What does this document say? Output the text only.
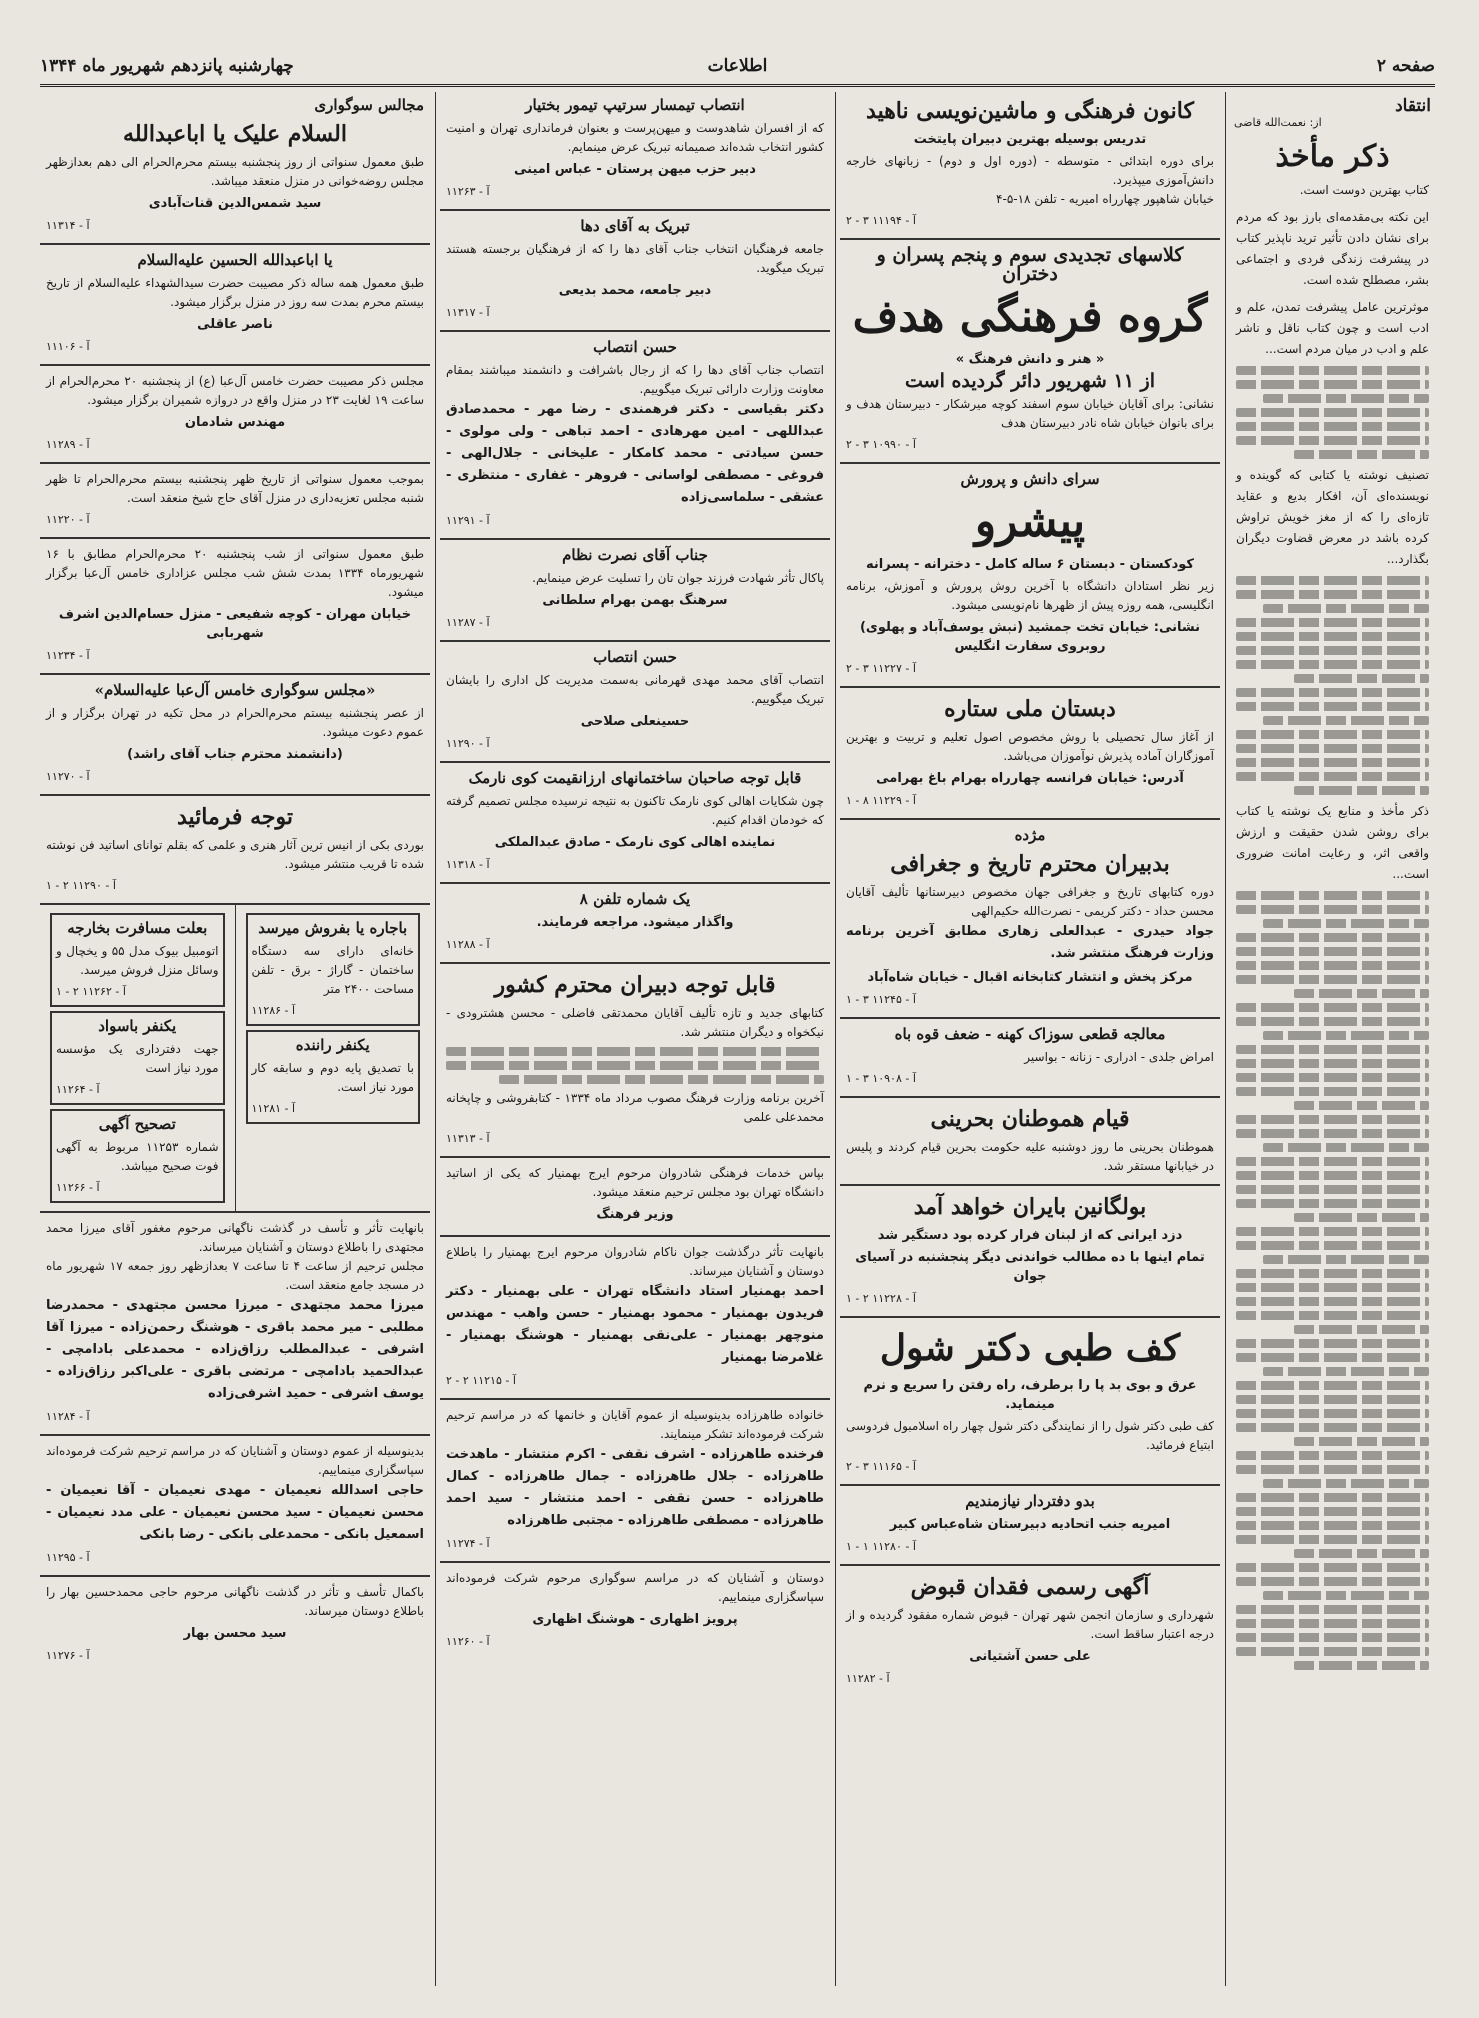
صفحه ۲
اطلاعات
چهارشنبه پانزدهم شهریور ماه ۱۳۴۴
انتقاد
از: نعمت‌الله قاضی
ذکر مأخذ

کتاب بهترین دوست است.

این نکته بی‌مقدمه‌ای بارز بود که مردم برای نشان دادن تأثیر ترید ناپذیر کتاب در پیشرفت زندگی فردی و اجتماعی بشر، مصطلح شده است.

موثرترین عامل پیشرفت تمدن، علم و ادب است و چون کتاب ناقل و ناشر علم و ادب در میان مردم است...

تصنیف نوشته یا کتابی که گوینده و نویسنده‌ای آن، افکار بدیع و عقاید تازه‌ای را که از مغز خویش تراوش کرده باشد در معرض قضاوت دیگران بگذارد...

ذکر مأخذ و منابع یک نوشته یا کتاب برای روشن شدن حقیقت و ارزش واقعی اثر، و رعایت امانت ضروری است...

کانون فرهنگی و ماشین‌نویسی ناهید
تدریس بوسیله بهترین دبیران پایتخت
برای دوره ابتدائی - متوسطه - (دوره اول و دوم) - زبانهای خارجه دانش‌آموزی میپذیرد.
خیابان شاهپور چهارراه امیریه - تلفن ۱۸-۵-۴
آ - ۱۱۱۹۴ ۳ - ۲
کلاسهای تجدیدی سوم و پنجم پسران و دختران
گروه فرهنگی هدف
« هنر و دانش فرهنگ »
از ۱۱ شهریور دائر گردیده است
نشانی: برای آقایان خیابان سوم اسفند کوچه میرشکار - دبیرستان هدف و برای بانوان خیابان شاه نادر دبیرستان هدف
آ - ۱۰۹۹۰ ۳ - ۲
سرای دانش و پرورش
پیشرو
کودکستان - دبستان ۶ ساله کامل - دخترانه - پسرانه
زیر نظر استادان دانشگاه با آخرین روش پرورش و آموزش، برنامه انگلیسی، همه روزه پیش از ظهرها نام‌نویسی میشود.
نشانی: خیابان تخت جمشید (نبش یوسف‌آباد و پهلوی) روبروی سفارت انگلیس
آ - ۱۱۲۲۷ ۳ - ۲
دبستان ملی ستاره
از آغاز سال تحصیلی با روش مخصوص اصول تعلیم و تربیت و بهترین آموزگاران آماده پذیرش نوآموزان می‌باشد.
آدرس: خیابان فرانسه چهارراه بهرام باغ بهرامی
آ - ۱۱۲۲۹ ۸ - ۱
مژده
بدبیران محترم تاریخ و جغرافی
دوره کتابهای تاریخ و جغرافی جهان مخصوص دبیرستانها تألیف آقایان محسن حداد - دکتر کریمی - نصرت‌الله حکیم‌الهی
جواد حیدری - عبدالعلی زهاری مطابق آخرین برنامه وزارت فرهنگ منتشر شد.
مرکز پخش و انتشار کتابخانه اقبال - خیابان شاه‌آباد
آ - ۱۱۲۴۵ ۳ - ۱
معالجه قطعی سوزاک کهنه - ضعف قوه باه
امراض جلدی - ادراری - زنانه - بواسیر
آ - ۱۰۹۰۸ ۳ - ۱
قیام هموطنان بحرینی
هموطنان بحرینی ما روز دوشنبه علیه حکومت بحرین قیام کردند و پلیس در خیابانها مستقر شد.
بولگانین بایران خواهد آمد
دزد ایرانی که از لبنان فرار کرده بود دستگیر شد
تمام اینها با ده مطالب خواندنی دیگر پنجشنبه در آسیای جوان
آ - ۱۱۲۲۸ ۲ - ۱
کف طبی دکتر شول
عرق و بوی بد پا را برطرف، راه رفتن را سریع و نرم مینماید.
کف طبی دکتر شول را از نمایندگی دکتر شول چهار راه اسلامبول فردوسی ابتیاع فرمائید.
آ - ۱۱۱۶۵ ۳ - ۲
بدو دفتردار نیازمندیم
امیریه جنب اتحادیه دبیرستان شاه‌عباس کبیر
آ - ۱۱۲۸۰ ۱ - ۱
آگهی رسمی فقدان قبوض
شهرداری و سازمان انجمن شهر تهران - قبوض شماره مفقود گردیده و از درجه اعتبار ساقط است.
علی حسن آشتیانی
آ - ۱۱۲۸۲
انتصاب تیمسار سرتیپ تیمور بختیار
که از افسران شاهدوست و میهن‌پرست و بعنوان فرمانداری تهران و امنیت کشور انتخاب شده‌اند صمیمانه تبریک عرض مینمایم.
دبیر حزب میهن پرستان - عباس امینی
آ - ۱۱۲۶۳
تبریک به آقای دها
جامعه فرهنگیان انتخاب جناب آقای دها را که از فرهنگیان برجسته هستند تبریک میگوید.
دبیر جامعه، محمد بدیعی
آ - ۱۱۳۱۷
حسن انتصاب
انتصاب جناب آقای دها را که از رجال باشرافت و دانشمند میباشند بمقام معاونت وزارت دارائی تبریک میگوییم.
دکتر بقیاسی - دکتر فرهمندی - رضا مهر - محمدصادق عبداللهی - امین مهرهادی - احمد تباهی - ولی مولوی - حسن سیادتی - محمد کامکار - علیخانی - جلال‌الهی - فروغی - مصطفی لواسانی - فروهر - غفاری - منتظری - عشقی - سلماسی‌زاده
آ - ۱۱۲۹۱
جناب آقای نصرت نظام
پاکال تأثر شهادت فرزند جوان تان را تسلیت عرض مینمایم.
سرهنگ بهمن بهرام سلطانی
آ - ۱۱۲۸۷
حسن انتصاب
انتصاب آقای محمد مهدی قهرمانی به‌سمت مدیریت کل اداری را بایشان تبریک میگوییم.
حسینعلی صلاحی
آ - ۱۱۲۹۰
قابل توجه صاحبان ساختمانهای ارزانقیمت کوی نارمک
چون شکایات اهالی کوی نارمک تاکنون به نتیجه نرسیده مجلس تصمیم گرفته که خودمان اقدام کنیم.
نماینده اهالی کوی نارمک - صادق عبدالملکی
آ - ۱۱۳۱۸
یک شماره تلفن ۸
واگذار میشود. مراجعه فرمایند.
آ - ۱۱۲۸۸
قابل توجه دبیران محترم کشور
کتابهای جدید و تازه تألیف آقایان محمدتقی فاضلی - محسن هشترودی - نیکخواه و دیگران منتشر شد.
آخرین برنامه وزارت فرهنگ مصوب مرداد ماه ۱۳۳۴ - کتابفروشی و چاپخانه محمدعلی علمی
آ - ۱۱۳۱۳
بپاس خدمات فرهنگی شادروان مرحوم ایرج بهمنیار که یکی از اساتید دانشگاه تهران بود مجلس ترحیم منعقد میشود.
وزیر فرهنگ
بانهایت تأثر درگذشت جوان ناکام شادروان مرحوم ایرج بهمنیار را باطلاع دوستان و آشنایان میرساند.
احمد بهمنیار استاد دانشگاه تهران - علی بهمنیار - دکتر فریدون بهمنیار - محمود بهمنیار - حسن واهب - مهندس منوچهر بهمنیار - علی‌نقی بهمنیار - هوشنگ بهمنیار - غلامرضا بهمنیار
آ - ۱۱۲۱۵ ۲ - ۲
خانواده طاهرزاده بدینوسیله از عموم آقایان و خانمها که در مراسم ترحیم شرکت فرموده‌اند تشکر مینمایند.
فرخنده طاهرزاده - اشرف نقفی - اکرم منتشار - ماهدخت طاهرزاده - جلال طاهرزاده - جمال طاهرزاده - کمال طاهرزاده - حسن نقفی - احمد منتشار - سید احمد طاهرزاده - مصطفی طاهرزاده - مجتبی طاهرزاده
آ - ۱۱۲۷۴
دوستان و آشنایان که در مراسم سوگواری مرحوم شرکت فرموده‌اند سپاسگزاری مینماییم.
پرویز اظهاری - هوشنگ اظهاری
آ - ۱۱۲۶۰
مجالس سوگواری
السلام علیک یا اباعبدالله
طبق معمول سنواتی از روز پنجشنبه بیستم محرم‌الحرام الی دهم بعدازظهر مجلس روضه‌خوانی در منزل منعقد میباشد.
سید شمس‌الدین قنات‌آبادی
آ - ۱۱۳۱۴
یا اباعبدالله الحسین علیه‌السلام
طبق معمول همه ساله ذکر مصیبت حضرت سیدالشهداء علیه‌السلام از تاریخ بیستم محرم بمدت سه روز در منزل برگزار میشود.
ناصر عاقلی
آ - ۱۱۱۰۶
مجلس ذکر مصیبت حضرت خامس آل‌عبا (ع) از پنجشنبه ۲۰ محرم‌الحرام از ساعت ۱۹ لغایت ۲۳ در منزل واقع در دروازه شمیران برگزار میشود.
مهندس شادمان
آ - ۱۱۲۸۹
بموجب معمول سنواتی از تاریخ ظهر پنجشنبه بیستم محرم‌الحرام تا ظهر شنبه مجلس تعزیه‌داری در منزل آقای حاج شیخ منعقد است.
آ - ۱۱۲۲۰
طبق معمول سنواتی از شب پنجشنبه ۲۰ محرم‌الحرام مطابق با ۱۶ شهریورماه ۱۳۳۴ بمدت شش شب مجلس عزاداری خامس آل‌عبا برگزار میشود.
خیابان مهران - کوچه شفیعی - منزل حسام‌الدین اشرف شهربابی
آ - ۱۱۲۳۴
«مجلس سوگواری خامس آل‌عبا علیه‌السلام»
از عصر پنجشنبه بیستم محرم‌الحرام در محل تکیه در تهران برگزار و از عموم دعوت میشود.
(دانشمند محترم جناب آقای راشد)
آ - ۱۱۲۷۰
توجه فرمائید
بوردی بکی از انیس ترین آثار هنری و علمی که بقلم توانای اساتید فن نوشته شده تا قریب منتشر میشود.
آ - ۱۱۲۹۰ ۲ - ۱
باجاره یا بفروش میرسد
خانه‌ای دارای سه دستگاه ساختمان - گاراژ - برق - تلفن مساحت ۲۴۰۰ متر
آ - ۱۱۲۸۶
یکنفر راننده
با تصدیق پایه دوم و سابقه کار مورد نیاز است.
آ - ۱۱۲۸۱
بعلت مسافرت بخارجه
اتومبیل بیوک مدل ۵۵ و یخچال و وسائل منزل فروش میرسد.
آ - ۱۱۲۶۲ ۲ - ۱
یکنفر باسواد
جهت دفترداری یک مؤسسه مورد نیاز است
آ - ۱۱۲۶۴
تصحیح آگهی
شماره ۱۱۲۵۳ مربوط به آگهی فوت صحیح میباشد.
آ - ۱۱۲۶۶
بانهایت تأثر و تأسف در گذشت ناگهانی مرحوم مغفور آقای میرزا محمد مجتهدی را باطلاع دوستان و آشنایان میرساند.
مجلس ترحیم از ساعت ۴ تا ساعت ۷ بعدازظهر روز جمعه ۱۷ شهریور ماه در مسجد جامع منعقد است.
میرزا محمد مجتهدی - میرزا محسن مجتهدی - محمدرضا مطلبی - میر محمد باقری - هوشنگ رحمن‌زاده - میرزا آقا اشرفی - عبدالمطلب رزاق‌زاده - محمدعلی بادامچی - عبدالحمید بادامچی - مرتضی باقری - علی‌اکبر رزاق‌زاده - یوسف اشرفی - حمید اشرفی‌زاده
آ - ۱۱۲۸۴
بدینوسیله از عموم دوستان و آشنایان که در مراسم ترحیم شرکت فرموده‌اند سپاسگزاری مینماییم.
حاجی اسدالله نعیمیان - مهدی نعیمیان - آقا نعیمیان - محسن نعیمیان - سید محسن نعیمیان - علی مدد نعیمیان - اسمعیل بانکی - محمدعلی بانکی - رضا بانکی
آ - ۱۱۲۹۵
باکمال تأسف و تأثر در گذشت ناگهانی مرحوم حاجی محمدحسین بهار را باطلاع دوستان میرساند.
سید محسن بهار
آ - ۱۱۲۷۶
